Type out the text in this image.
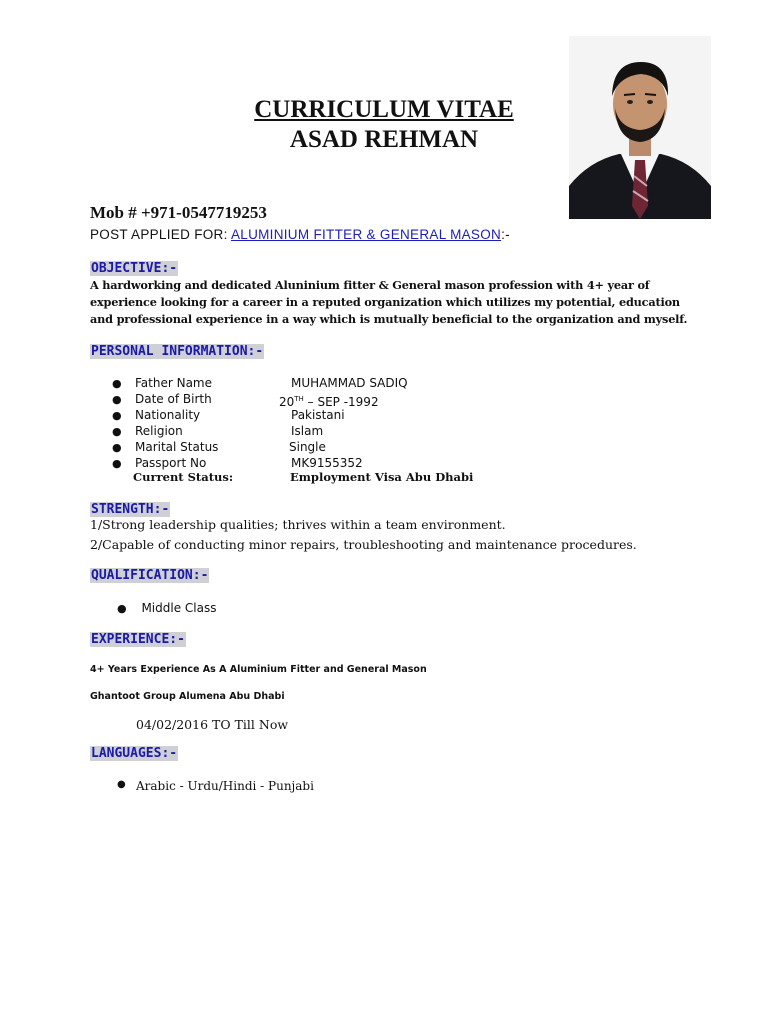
CURRICULUM VITAE
ASAD REHMAN
Mob # +971-0547719253
POST APPLIED FOR: ALUMINIUM FITTER & GENERAL MASON:-
OBJECTIVE:-
A hardworking and dedicated Aluninium fitter & General mason profession with 4+ year of experience looking for a career in a reputed organization which utilizes my potential, education and professional experience in a way which is mutually beneficial to the organization and myself.
PERSONAL INFORMATION:-
● Father Name	MUHAMMAD SADIQ
● Date of Birth	20TH – SEP -1992
● Nationality	Pakistani
● Religion	Islam
● Marital Status	Single
● Passport No	MK9155352
Current Status:	Employment Visa Abu Dhabi
STRENGTH:-
1/Strong leadership qualities; thrives within a team environment.
2/Capable of conducting minor repairs, troubleshooting and maintenance procedures.
QUALIFICATION:-
● Middle Class
EXPERIENCE:-
4+ Years Experience As A Aluminium Fitter and General Mason
Ghantoot Group Alumena Abu Dhabi
04/02/2016 TO Till Now
LANGUAGES:-
● Arabic - Urdu/Hindi - Punjabi
